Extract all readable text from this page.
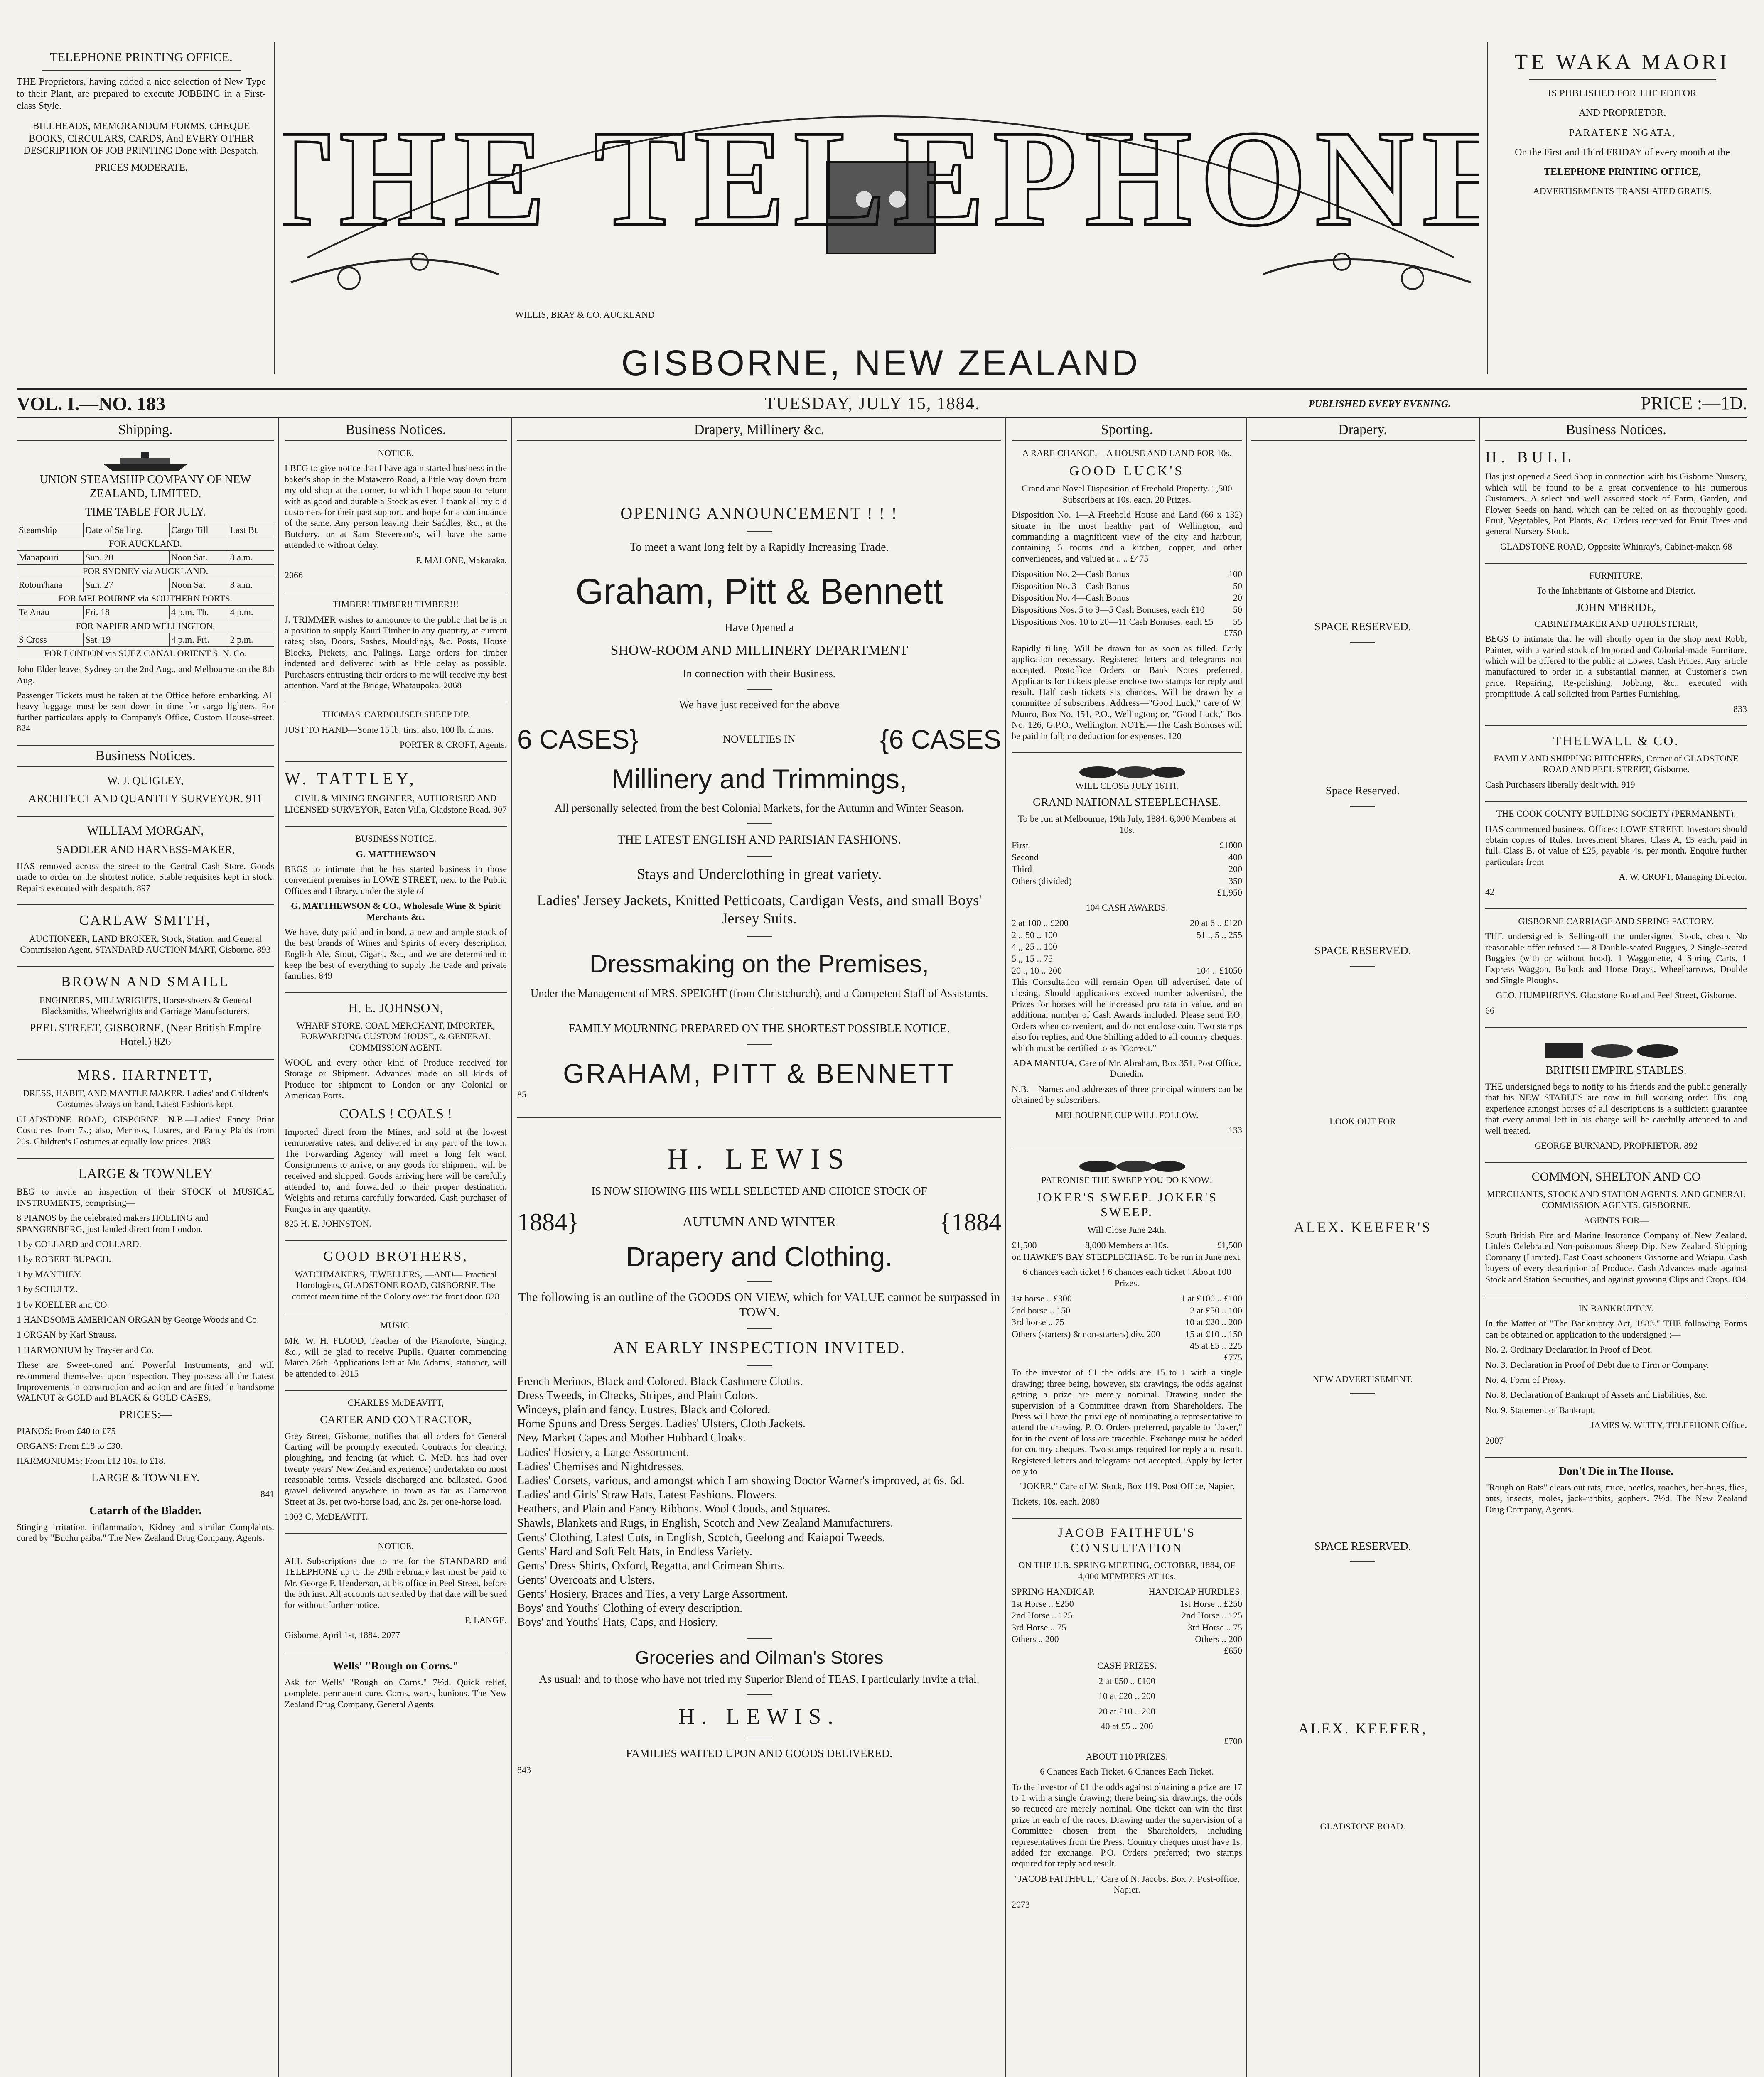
TELEPHONE PRINTING OFFICE.

THE Proprietors, having added a nice selection of New Type to their Plant, are prepared to execute JOBBING in a First-class Style.

BILLHEADS, MEMORANDUM FORMS, CHEQUE BOOKS, CIRCULARS, CARDS, And EVERY OTHER DESCRIPTION OF JOB PRINTING Done with Despatch.

PRICES MODERATE. THE TELEPHONE
GISBORNE, NEW ZEALAND
WILLIS, BRAY & CO. AUCKLAND
TE WAKA MAORI

IS PUBLISHED FOR THE EDITOR

AND PROPRIETOR,

PARATENE NGATA,

On the First and Third FRIDAY of every month at the

TELEPHONE PRINTING OFFICE,

ADVERTISEMENTS TRANSLATED GRATIS.

VOL. I.—NO. 183	TUESDAY, JULY 15, 1884.	PUBLISHED EVERY EVENING.	PRICE :—1D.
Shipping.

UNION STEAMSHIP COMPANY OF NEW ZEALAND, LIMITED.

TIME TABLE FOR JULY.

Steamship	Date of Sailing.	Cargo Till	Last Bt.
FOR AUCKLAND.			
Manapouri	Sun. 20	Noon Sat.	8 a.m.
FOR SYDNEY via AUCKLAND.			
Rotom'hana	Sun. 27	Noon Sat	8 a.m.
FOR MELBOURNE via SOUTHERN PORTS.			
Te Anau	Fri. 18	4 p.m. Th.	4 p.m.
FOR NAPIER AND WELLINGTON.			
S.Cross	Sat. 19	4 p.m. Fri.	2 p.m.
FOR LONDON via SUEZ CANAL ORIENT S. N. Co.			

John Elder leaves Sydney on the 2nd Aug., and Melbourne on the 8th Aug.

Passenger Tickets must be taken at the Office before embarking. All heavy luggage must be sent down in time for cargo lighters. For further particulars apply to Company's Office, Custom House-street. 824

Business Notices.

W. J. QUIGLEY,

ARCHITECT AND QUANTITY SURVEYOR. 911

WILLIAM MORGAN,

SADDLER AND HARNESS-MAKER,

HAS removed across the street to the Central Cash Store. Goods made to order on the shortest notice. Stable requisites kept in stock. Repairs executed with despatch. 897

CARLAW SMITH,

AUCTIONEER, LAND BROKER, Stock, Station, and General Commission Agent, STANDARD AUCTION MART, Gisborne. 893

BROWN AND SMAILL

ENGINEERS, MILLWRIGHTS, Horse-shoers & General Blacksmiths, Wheelwrights and Carriage Manufacturers,

PEEL STREET, GISBORNE, (Near British Empire Hotel.) 826

MRS. HARTNETT,

DRESS, HABIT, AND MANTLE MAKER. Ladies' and Children's Costumes always on hand. Latest Fashions kept.

GLADSTONE ROAD, GISBORNE. N.B.—Ladies' Fancy Print Costumes from 7s.; also, Merinos, Lustres, and Fancy Plaids from 20s. Children's Costumes at equally low prices. 2083

LARGE & TOWNLEY

BEG to invite an inspection of their STOCK of MUSICAL INSTRUMENTS, comprising—

8 PIANOS by the celebrated makers HOELING and SPANGENBERG, just landed direct from London.

1 by COLLARD and COLLARD.

1 by ROBERT BUPACH.

1 by MANTHEY.

1 by SCHULTZ.

1 by KOELLER and CO.

1 HANDSOME AMERICAN ORGAN by George Woods and Co.

1 ORGAN by Karl Strauss.

1 HARMONIUM by Trayser and Co.

These are Sweet-toned and Powerful Instruments, and will recommend themselves upon inspection. They possess all the Latest Improvements in construction and action and are fitted in handsome WALNUT & GOLD and BLACK & GOLD CASES.

PRICES:—

PIANOS: From £40 to £75

ORGANS: From £18 to £30.

HARMONIUMS: From £12 10s. to £18.

LARGE & TOWNLEY.

841

Catarrh of the Bladder.

Stinging irritation, inflammation, Kidney and similar Complaints, cured by "Buchu paiba." The New Zealand Drug Company, Agents.

Business Notices.

NOTICE.

I BEG to give notice that I have again started business in the baker's shop in the Matawero Road, a little way down from my old shop at the corner, to which I hope soon to return with as good and durable a Stock as ever. I thank all my old customers for their past support, and hope for a continuance of the same. Any person leaving their Saddles, &c., at the Butchery, or at Sam Stevenson's, will have the same attended to without delay.

P. MALONE, Makaraka.

2066

TIMBER! TIMBER!! TIMBER!!!

J. TRIMMER wishes to announce to the public that he is in a position to supply Kauri Timber in any quantity, at current rates; also, Doors, Sashes, Mouldings, &c. Posts, House Blocks, Pickets, and Palings. Large orders for timber indented and delivered with as little delay as possible. Purchasers entrusting their orders to me will receive my best attention. Yard at the Bridge, Whataupoko. 2068

THOMAS' CARBOLISED SHEEP DIP.

JUST TO HAND—Some 15 lb. tins; also, 100 lb. drums.

PORTER & CROFT, Agents.

W. TATTLEY,

CIVIL & MINING ENGINEER, AUTHORISED AND LICENSED SURVEYOR, Eaton Villa, Gladstone Road. 907

BUSINESS NOTICE.

G. MATTHEWSON

BEGS to intimate that he has started business in those convenient premises in LOWE STREET, next to the Public Offices and Library, under the style of

G. MATTHEWSON & CO., Wholesale Wine & Spirit Merchants &c.

We have, duty paid and in bond, a new and ample stock of the best brands of Wines and Spirits of every description, English Ale, Stout, Cigars, &c., and we are determined to keep the best of everything to supply the trade and private families. 849

H. E. JOHNSON,

WHARF STORE, COAL MERCHANT, IMPORTER, FORWARDING CUSTOM HOUSE, & GENERAL COMMISSION AGENT.

WOOL and every other kind of Produce received for Storage or Shipment. Advances made on all kinds of Produce for shipment to London or any Colonial or American Ports.

COALS ! COALS !

Imported direct from the Mines, and sold at the lowest remunerative rates, and delivered in any part of the town. The Forwarding Agency will meet a long felt want. Consignments to arrive, or any goods for shipment, will be received and shipped. Goods arriving here will be carefully attended to, and forwarded to their proper destination. Weights and returns carefully forwarded. Cash purchaser of Fungus in any quantity.

825 H. E. JOHNSTON.

GOOD BROTHERS,

WATCHMAKERS, JEWELLERS, —AND— Practical Horologists, GLADSTONE ROAD, GISBORNE. The correct mean time of the Colony over the front door. 828

MUSIC.

MR. W. H. FLOOD, Teacher of the Pianoforte, Singing, &c., will be glad to receive Pupils. Quarter commencing March 26th. Applications left at Mr. Adams', stationer, will be attended to. 2015

CHARLES McDEAVITT,

CARTER AND CONTRACTOR,

Grey Street, Gisborne, notifies that all orders for General Carting will be promptly executed. Contracts for clearing, ploughing, and fencing (at which C. McD. has had over twenty years' New Zealand experience) undertaken on most reasonable terms. Vessels discharged and ballasted. Good gravel delivered anywhere in town as far as Carnarvon Street at 3s. per two-horse load, and 2s. per one-horse load.

1003 C. McDEAVITT.

NOTICE.

ALL Subscriptions due to me for the STANDARD and TELEPHONE up to the 29th February last must be paid to Mr. George F. Henderson, at his office in Peel Street, before the 5th inst. All accounts not settled by that date will be sued for without further notice.

P. LANGE.

Gisborne, April 1st, 1884. 2077

Wells' "Rough on Corns."

Ask for Wells' "Rough on Corns." 7½d. Quick relief, complete, permanent cure. Corns, warts, bunions. The New Zealand Drug Company, General Agents

Drapery, Millinery &c.

OPENING ANNOUNCEMENT ! ! !

To meet a want long felt by a Rapidly Increasing Trade.

Graham, Pitt & Bennett

Have Opened a

SHOW-ROOM AND MILLINERY DEPARTMENT

In connection with their Business.

We have just received for the above

6 CASES}	NOVELTIES IN	{6 CASES

Millinery and Trimmings,

All personally selected from the best Colonial Markets, for the Autumn and Winter Season.

THE LATEST ENGLISH AND PARISIAN FASHIONS.

Stays and Underclothing in great variety.

Ladies' Jersey Jackets, Knitted Petticoats, Cardigan Vests, and small Boys' Jersey Suits.

Dressmaking on the Premises,

Under the Management of MRS. SPEIGHT (from Christchurch), and a Competent Staff of Assistants.

FAMILY MOURNING PREPARED ON THE SHORTEST POSSIBLE NOTICE.

GRAHAM, PITT & BENNETT

85

H. LEWIS

IS NOW SHOWING HIS WELL SELECTED AND CHOICE STOCK OF

1884}	AUTUMN AND WINTER	{1884

Drapery and Clothing.

The following is an outline of the GOODS ON VIEW, which for VALUE cannot be surpassed in TOWN.

AN EARLY INSPECTION INVITED.

French Merinos, Black and Colored. Black Cashmere Cloths.

Dress Tweeds, in Checks, Stripes, and Plain Colors.

Winceys, plain and fancy. Lustres, Black and Colored.

Home Spuns and Dress Serges. Ladies' Ulsters, Cloth Jackets.

New Market Capes and Mother Hubbard Cloaks.

Ladies' Hosiery, a Large Assortment.

Ladies' Chemises and Nightdresses.

Ladies' Corsets, various, and amongst which I am showing Doctor Warner's improved, at 6s. 6d.

Ladies' and Girls' Straw Hats, Latest Fashions. Flowers.

Feathers, and Plain and Fancy Ribbons. Wool Clouds, and Squares.

Shawls, Blankets and Rugs, in English, Scotch and New Zealand Manufacturers.

Gents' Clothing, Latest Cuts, in English, Scotch, Geelong and Kaiapoi Tweeds.

Gents' Hard and Soft Felt Hats, in Endless Variety.

Gents' Dress Shirts, Oxford, Regatta, and Crimean Shirts.

Gents' Overcoats and Ulsters.

Gents' Hosiery, Braces and Ties, a very Large Assortment.

Boys' and Youths' Clothing of every description.

Boys' and Youths' Hats, Caps, and Hosiery.

Groceries and Oilman's Stores

As usual; and to those who have not tried my Superior Blend of TEAS, I particularly invite a trial.

H. LEWIS.

FAMILIES WAITED UPON AND GOODS DELIVERED.

843

Sporting.

A RARE CHANCE.—A HOUSE AND LAND FOR 10s.

GOOD LUCK'S

Grand and Novel Disposition of Freehold Property. 1,500 Subscribers at 10s. each. 20 Prizes.

Disposition No. 1—A Freehold House and Land (66 x 132) situate in the most healthy part of Wellington, and commanding a magnificent view of the city and harbour; containing 5 rooms and a kitchen, copper, and other conveniences, and valued at .. .. £475

Disposition No. 2—Cash Bonus	100
Disposition No. 3—Cash Bonus	50
Disposition No. 4—Cash Bonus	20
Dispositions Nos. 5 to 9—5 Cash Bonuses, each £10	50
Dispositions Nos. 10 to 20—11 Cash Bonuses, each £5 55

£750

Rapidly filling. Will be drawn for as soon as filled. Early application necessary. Registered letters and telegrams not accepted. Postoffice Orders or Bank Notes preferred. Applicants for tickets please enclose two stamps for reply and result. Half cash tickets six chances. Will be drawn by a committee of subscribers. Address—"Good Luck," care of W. Munro, Box No. 151, P.O., Wellington; or, "Good Luck," Box No. 126, G.P.O., Wellington. NOTE.—The Cash Bonuses will be paid in full; no deduction for expenses. 120

WILL CLOSE JULY 16TH.

GRAND NATIONAL STEEPLECHASE.

To be run at Melbourne, 19th July, 1884. 6,000 Members at 10s.

First	£1000
Second	400
Third	200
Others (divided)	350

£1,950

104 CASH AWARDS.

2 at 100 .. £200	20 at 6 .. £120
2 ,, 50 .. 100	51 ,, 5 .. 255
4 ,, 25 .. 100
5 ,, 15 .. 75
20 ,, 10 .. 200	104 .. £1050

This Consultation will remain Open till advertised date of closing. Should applications exceed number advertised, the Prizes for horses will be increased pro rata in value, and an additional number of Cash Awards included. Please send P.O. Orders when convenient, and do not enclose coin. Two stamps also for replies, and One Shilling added to all country cheques, which must be certified to as "Correct."

ADA MANTUA, Care of Mr. Abraham, Box 351, Post Office, Dunedin.

N.B.—Names and addresses of three principal winners can be obtained by subscribers.

MELBOURNE CUP WILL FOLLOW.

133

PATRONISE THE SWEEP YOU DO KNOW!

JOKER'S SWEEP. JOKER'S SWEEP.

Will Close June 24th.

£1,500	8,000 Members at 10s.	£1,500

on HAWKE'S BAY STEEPLECHASE, To be run in June next.

6 chances each ticket ! 6 chances each ticket ! About 100 Prizes.

1st horse .. £300	1 at £100 .. £100
2nd horse .. 150	2 at £50 .. 100
3rd horse .. 75	10 at £20 .. 200
Others (starters) & non-starters) div. 200	15 at £10 .. 150
45 at £5 .. 225

£775

To the investor of £1 the odds are 15 to 1 with a single drawing; three being, however, six drawings, the odds against getting a prize are merely nominal. Drawing under the supervision of a Committee drawn from Shareholders. The Press will have the privilege of nominating a representative to attend the drawing. P. O. Orders preferred, payable to "Joker," for in the event of loss are traceable. Exchange must be added for country cheques. Two stamps required for reply and result. Registered letters and telegrams not accepted. Apply by letter only to

"JOKER." Care of W. Stock, Box 119, Post Office, Napier.

Tickets, 10s. each. 2080

JACOB FAITHFUL'S CONSULTATION

ON THE H.B. SPRING MEETING, OCTOBER, 1884, OF 4,000 MEMBERS AT 10s.

SPRING HANDICAP.	HANDICAP HURDLES.
1st Horse .. £250	1st Horse .. £250
2nd Horse .. 125	2nd Horse .. 125
3rd Horse .. 75	3rd Horse .. 75
Others .. 200	Others .. 200

£650

CASH PRIZES.

2 at £50 .. £100

10 at £20 .. 200

20 at £10 .. 200

40 at £5 .. 200

£700

ABOUT 110 PRIZES.

6 Chances Each Ticket. 6 Chances Each Ticket.

To the investor of £1 the odds against obtaining a prize are 17 to 1 with a single drawing; there being six drawings, the odds so reduced are merely nominal. One ticket can win the first prize in each of the races. Drawing under the supervision of a Committee chosen from the Shareholders, including representatives from the Press. Country cheques must have 1s. added for exchange. P.O. Orders preferred; two stamps required for reply and result.

"JACOB FAITHFUL," Care of N. Jacobs, Box 7, Post-office, Napier.

2073

Drapery.

SPACE RESERVED.

Space Reserved.

SPACE RESERVED.

LOOK OUT FOR

ALEX. KEEFER'S

NEW ADVERTISEMENT.

SPACE RESERVED.

ALEX. KEEFER,

GLADSTONE ROAD.

Business Notices.

H. BULL

Has just opened a Seed Shop in connection with his Gisborne Nursery, which will be found to be a great convenience to his numerous Customers. A select and well assorted stock of Farm, Garden, and Flower Seeds on hand, which can be relied on as thoroughly good. Fruit, Vegetables, Pot Plants, &c. Orders received for Fruit Trees and general Nursery Stock.

GLADSTONE ROAD, Opposite Whinray's, Cabinet-maker. 68

FURNITURE.

To the Inhabitants of Gisborne and District.

JOHN M'BRIDE,

CABINETMAKER AND UPHOLSTERER,

BEGS to intimate that he will shortly open in the shop next Robb, Painter, with a varied stock of Imported and Colonial-made Furniture, which will be offered to the public at Lowest Cash Prices. Any article manufactured to order in a substantial manner, at Customer's own price. Repairing, Re-polishing, Jobbing, &c., executed with promptitude. A call solicited from Parties Furnishing.

833

THELWALL & CO.

FAMILY AND SHIPPING BUTCHERS, Corner of GLADSTONE ROAD AND PEEL STREET, Gisborne.

Cash Purchasers liberally dealt with. 919

THE COOK COUNTY BUILDING SOCIETY (PERMANENT).

HAS commenced business. Offices: LOWE STREET, Investors should obtain copies of Rules. Investment Shares, Class A, £5 each, paid in full. Class B, of value of £25, payable 4s. per month. Enquire further particulars from

A. W. CROFT, Managing Director.

42

GISBORNE CARRIAGE AND SPRING FACTORY.

THE undersigned is Selling-off the undersigned Stock, cheap. No reasonable offer refused :— 8 Double-seated Buggies, 2 Single-seated Buggies (with or without hood), 1 Waggonette, 4 Spring Carts, 1 Express Waggon, Bullock and Horse Drays, Wheelbarrows, Double and Single Ploughs.

GEO. HUMPHREYS, Gladstone Road and Peel Street, Gisborne.

66

BRITISH EMPIRE STABLES.

THE undersigned begs to notify to his friends and the public generally that his NEW STABLES are now in full working order. His long experience amongst horses of all descriptions is a sufficient guarantee that every animal left in his charge will be carefully attended to and well treated.

GEORGE BURNAND, PROPRIETOR. 892

COMMON, SHELTON AND CO

MERCHANTS, STOCK AND STATION AGENTS, AND GENERAL COMMISSION AGENTS, GISBORNE.

AGENTS FOR—

South British Fire and Marine Insurance Company of New Zealand. Little's Celebrated Non-poisonous Sheep Dip. New Zealand Shipping Company (Limited). East Coast schooners Gisborne and Waiapu. Cash buyers of every description of Produce. Cash Advances made against Stock and Station Securities, and against growing Clips and Crops. 834

IN BANKRUPTCY.

In the Matter of "The Bankruptcy Act, 1883." THE following Forms can be obtained on application to the undersigned :—

No. 2. Ordinary Declaration in Proof of Debt.

No. 3. Declaration in Proof of Debt due to Firm or Company.

No. 4. Form of Proxy.

No. 8. Declaration of Bankrupt of Assets and Liabilities, &c.

No. 9. Statement of Bankrupt.

JAMES W. WITTY, TELEPHONE Office.

2007

Don't Die in The House.

"Rough on Rats" clears out rats, mice, beetles, roaches, bed-bugs, flies, ants, insects, moles, jack-rabbits, gophers. 7½d. The New Zealand Drug Company, Agents.
